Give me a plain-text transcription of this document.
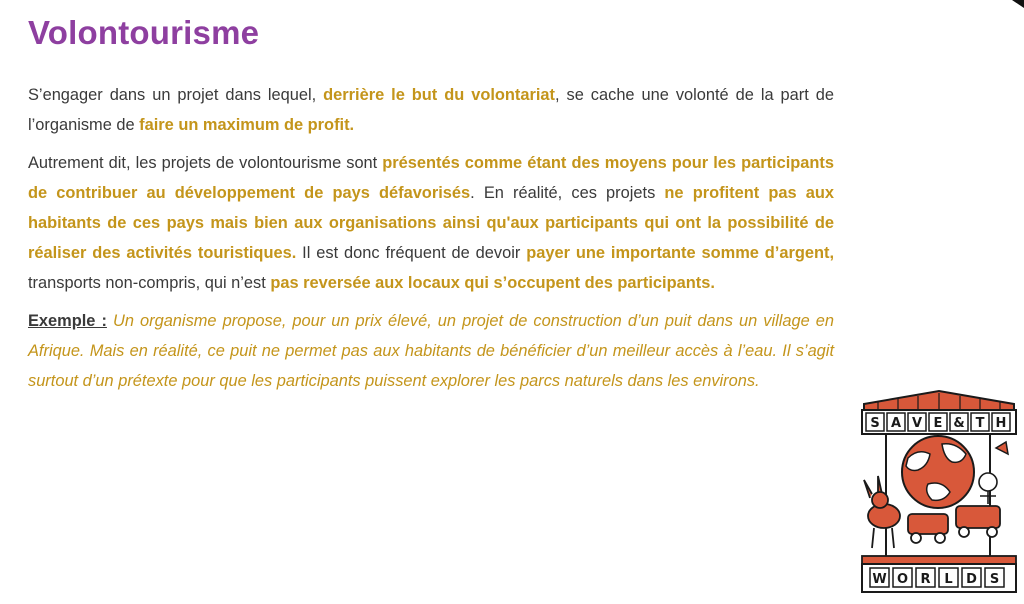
Volontourisme

S’engager dans un projet dans lequel, derrière le but du volontariat, se cache une volonté de la part de l’organisme de faire un maximum de profit.

Autrement dit, les projets de volontourisme sont présentés comme étant des moyens pour les participants de contribuer au développement de pays défavorisés. En réalité, ces projets ne profitent pas aux habitants de ces pays mais bien aux organisations ainsi qu'aux participants qui ont la possibilité de réaliser des activités touristiques. Il est donc fréquent de devoir payer une importante somme d’argent, transports non-compris, qui n’est pas reversée aux locaux qui s’occupent des participants.

Exemple : Un organisme propose, pour un prix élevé, un projet de construction d’un puit dans un village en Afrique. Mais en réalité, ce puit ne permet pas aux habitants de bénéficier d’un meilleur accès à l’eau. Il s’agit surtout d’un prétexte pour que les participants puissent explorer les parcs naturels dans les environs.

S A V E & T H
W O R L D S
